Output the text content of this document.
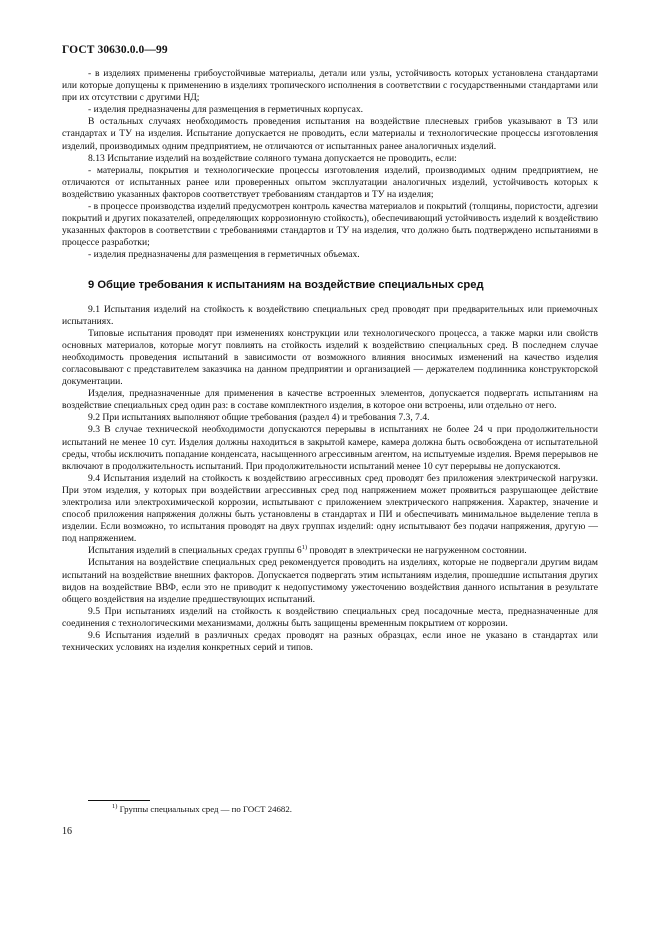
ГОСТ 30630.0.0—99

- в изделиях применены грибоустойчивые материалы, детали или узлы, устойчивость которых установлена стандартами или которые допущены к применению в изделиях тропического исполнения в соответствии с государственными стандартами или при их отсутствии с другими НД;

- изделия предназначены для размещения в герметичных корпусах.

В остальных случаях необходимость проведения испытания на воздействие плесневых грибов указывают в ТЗ или стандартах и ТУ на изделия. Испытание допускается не проводить, если материалы и технологические процессы изготовления изделий, производимых одним предприятием, не отличаются от испытанных ранее аналогичных изделий.

8.13 Испытание изделий на воздействие соляного тумана допускается не проводить, если:

- материалы, покрытия и технологические процессы изготовления изделий, производимых одним предприятием, не отличаются от испытанных ранее или проверенных опытом эксплуатации аналогичных изделий, устойчивость которых к воздействию указанных факторов соответствует требованиям стандартов и ТУ на изделия;

- в процессе производства изделий предусмотрен контроль качества материалов и покрытий (толщины, пористости, адгезии покрытий и других показателей, определяющих коррозионную стойкость), обеспечивающий устойчивость изделий к воздействию указанных факторов в соответствии с требованиями стандартов и ТУ на изделия, что должно быть подтверждено испытаниями в процессе разработки;

- изделия предназначены для размещения в герметичных объемах.

9 Общие требования к испытаниям на воздействие специальных сред

9.1 Испытания изделий на стойкость к воздействию специальных сред проводят при предварительных или приемочных испытаниях.

Типовые испытания проводят при изменениях конструкции или технологического процесса, а также марки или свойств основных материалов, которые могут повлиять на стойкость изделий к воздействию специальных сред. В последнем случае необходимость проведения испытаний в зависимости от возможного влияния вносимых изменений на качество изделия согласовывают с представителем заказчика на данном предприятии и организацией — держателем подлинника конструкторской документации.

Изделия, предназначенные для применения в качестве встроенных элементов, допускается подвергать испытаниям на воздействие специальных сред один раз: в составе комплектного изделия, в которое они встроены, или отдельно от него.

9.2 При испытаниях выполняют общие требования (раздел 4) и требования 7.3, 7.4.

9.3 В случае технической необходимости допускаются перерывы в испытаниях не более 24 ч при продолжительности испытаний не менее 10 сут. Изделия должны находиться в закрытой камере, камера должна быть освобождена от испытательной среды, чтобы исключить попадание конденсата, насыщенного агрессивным агентом, на испытуемые изделия. Время перерывов не включают в продолжительность испытаний. При продолжительности испытаний менее 10 сут перерывы не допускаются.

9.4 Испытания изделий на стойкость к воздействию агрессивных сред проводят без приложения электрической нагрузки. При этом изделия, у которых при воздействии агрессивных сред под напряжением может проявиться разрушающее действие электролиза или электрохимической коррозии, испытывают с приложением электрического напряжения. Характер, значение и способ приложения напряжения должны быть установлены в стандартах и ПИ и обеспечивать минимальное выделение тепла в изделии. Если возможно, то испытания проводят на двух группах изделий: одну испытывают без подачи напряжения, другую — под напряжением.

Испытания изделий в специальных средах группы 6$^{1)}$ проводят в электрически не нагруженном состоянии.

Испытания на воздействие специальных сред рекомендуется проводить на изделиях, которые не подвергали другим видам испытаний на воздействие внешних факторов. Допускается подвергать этим испытаниям изделия, прошедшие испытания других видов на воздействие ВВФ, если это не приводит к недопустимому ужесточению воздействия данного испытания в результате общего воздействия на изделие предшествующих испытаний.

9.5 При испытаниях изделий на стойкость к воздействию специальных сред посадочные места, предназначенные для соединения с технологическими механизмами, должны быть защищены временным покрытием от коррозии.

9.6 Испытания изделий в различных средах проводят на разных образцах, если иное не указано в стандартах или технических условиях на изделия конкретных серий и типов.

$^{1)}$ Группы специальных сред — по ГОСТ 24682.
16
